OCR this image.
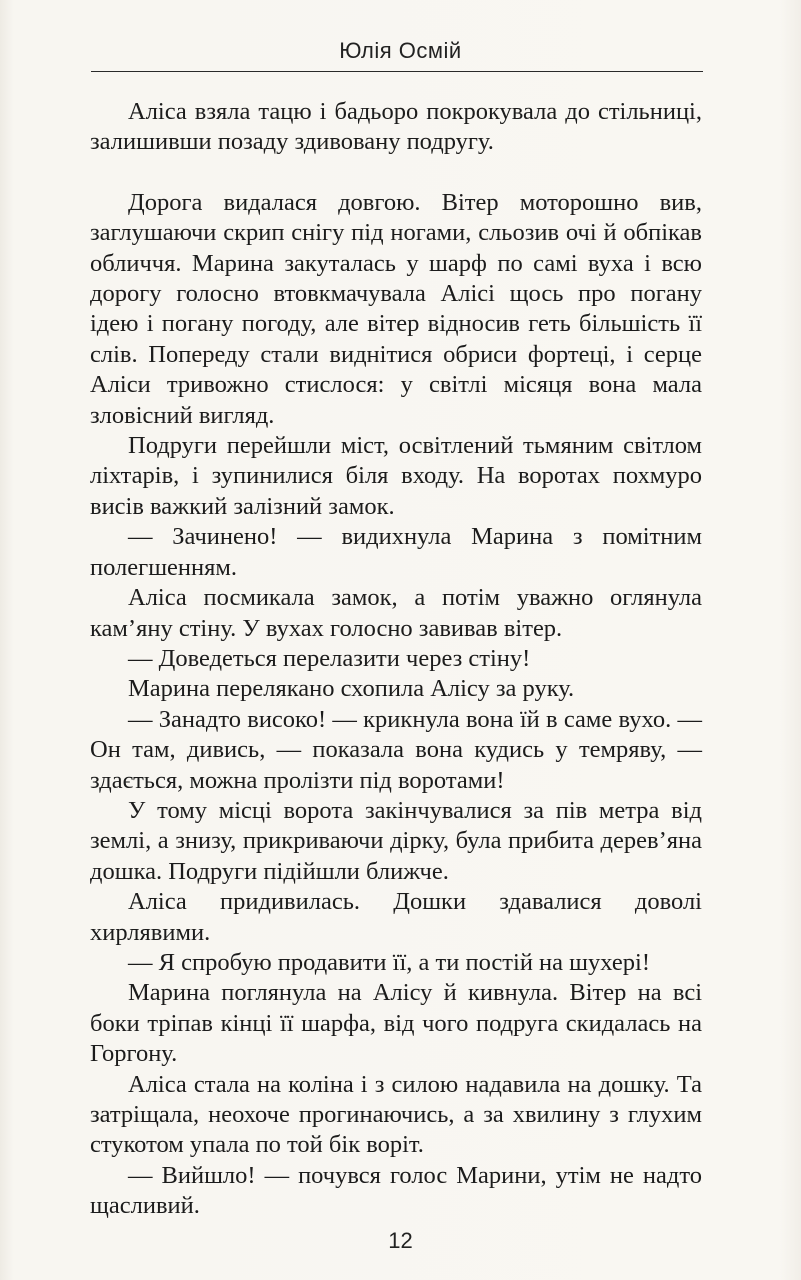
Юлія Осмій

Аліса взяла тацю і бадьоро покрокувала до стільниці, залишивши позаду здивовану подругу.

Дорога видалася довгою. Вітер моторошно вив, заглушаючи скрип снігу під ногами, сльозив очі й обпікав обличчя. Марина закуталась у шарф по самі вуха і всю дорогу голосно втовкмачувала Алісі щось про погану ідею і погану погоду, але вітер відносив геть більшість її слів. Попереду стали виднітися обриси фортеці, і серце Аліси тривожно стислося: у світлі місяця вона мала зловісний вигляд.

Подруги перейшли міст, освітлений тьмяним світлом ліхтарів, і зупинилися біля входу. На воротах похмуро висів важкий залізний замок.

— Зачинено! — видихнула Марина з помітним полегшенням.

Аліса посмикала замок, а потім уважно оглянула кам’яну стіну. У вухах голосно завивав вітер.

— Доведеться перелазити через стіну!

Марина перелякано схопила Алісу за руку.

— Занадто високо! — крикнула вона їй в саме вухо. — Он там, дивись, — показала вона кудись у темряву, — здається, можна пролізти під воротами!

У тому місці ворота закінчувалися за пів метра від землі, а знизу, прикриваючи дірку, була прибита дерев’яна дошка. Подруги підійшли ближче.

Аліса придивилась. Дошки здавалися доволі хирлявими.

— Я спробую продавити її, а ти постій на шухері!

Марина поглянула на Алісу й кивнула. Вітер на всі боки тріпав кінці її шарфа, від чого подруга скидалась на Горгону.

Аліса стала на коліна і з силою надавила на дошку. Та затріщала, неохоче прогинаючись, а за хвилину з глухим стукотом упала по той бік воріт.

— Вийшло! — почувся голос Марини, утім не надто щасливий.

12
